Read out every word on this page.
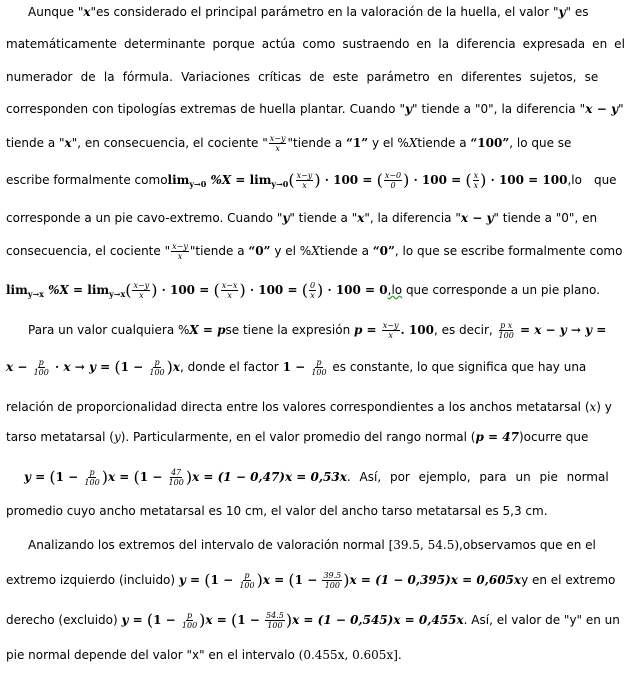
Aunque "x"es considerado el principal parámetro en la valoración de la huella, el valor "y" es
matemáticamente determinante porque actúa como sustraendo en la diferencia expresada en el
numerador de la fórmula. Variaciones críticas de este parámetro en diferentes sujetos, se
corresponden con tipologías extremas de huella plantar. Cuando "y" tiende a "0", la diferencia "x − y"
tiende a "x", en consecuencia, el cociente " $\frac{x-y}{x}$ "tiende a “1” y el %Xtiende a “100”, lo que se
escribe formalmente comolim$_{y\to 0}$ $\%X = \lim_{y\to 0}( \frac{x-y}{x}$ ) · 100 = ( $\frac{x-0}{0}$ ) · 100 = ( $\frac{x}{x}$ ) · 100 = 100,lo que
corresponde a un pie cavo-extremo. Cuando "y" tiende a "x", la diferencia "x − y" tiende a "0", en
consecuencia, el cociente " $\frac{x-y}{x}$ "tiende a “0” y el %Xtiende a “0”, lo que se escribe formalmente como
$\lim_{y\to x} \%X = \lim_{y\to x}( \frac{x-y}{x}$ ) · 100 = ( $\frac{x-x}{x}$ ) · 100 = ( $\frac{0}{x}$ ) · 100 = 0,lo que corresponde a un pie plano.
Para un valor cualquiera %X = pse tiene la expresión $p = \frac{x-y}{x}$ . 100, es decir, $\frac{\text{p x}}{100} = x - y \to y$ =
$x - \frac{p}{100} \cdot x \to y = (1 - \frac{p}{100} )x$, donde el factor $1 - \frac{p}{100}$ es constante, lo que significa que hay una
relación de proporcionalidad directa entre los valores correspondientes a los anchos metatarsal (x) y
tarso metatarsal (y). Particularmente, en el valor promedio del rango normal (p = 47)ocurre que
$y = (1 - \frac{p}{100} )x = (1 - \frac{47}{100} )x = (1 - 0,47)x = 0,53x$. Así, por ejemplo, para un pie normal
promedio cuyo ancho metatarsal es 10 cm, el valor del ancho tarso metatarsal es 5,3 cm.
Analizando los extremos del intervalo de valoración normal [39.5, 54.5),observamos que en el
extremo izquierdo (incluido) $y = (1 - \frac{p}{100} )x = (1 - \frac{39.5}{100} )x = (1 - 0,395)x = 0,605xy$ en el extremo
derecho (excluido) $y = (1 - \frac{p}{100} )x = (1 - \frac{54.5}{100} )x = (1 - 0,545)x = 0,455x$. Así, el valor de "y" en un
pie normal depende del valor "x" en el intervalo (0.455x, 0.605x].
